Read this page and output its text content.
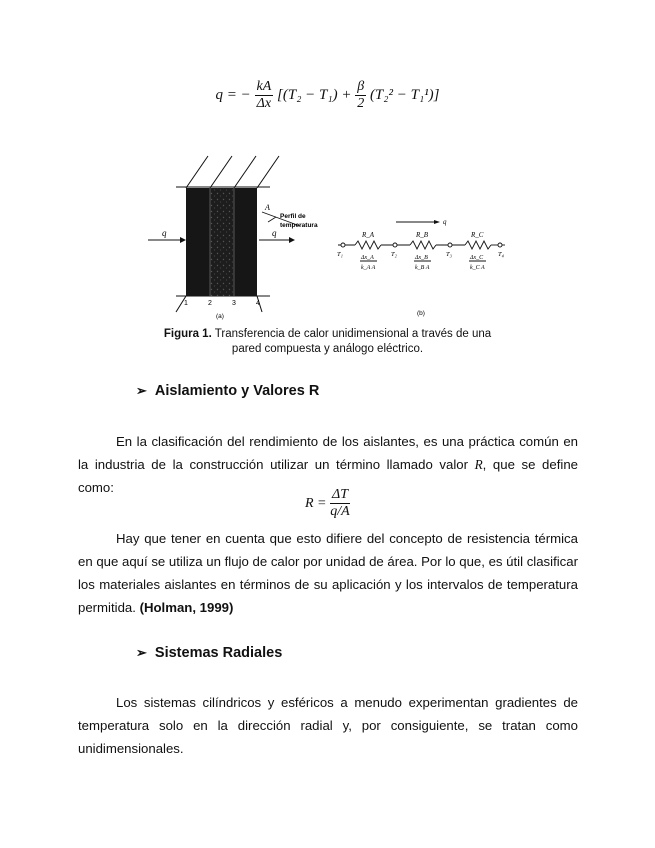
q = − $\frac{kA}{\Delta x} [(T_2 - T_1) + \frac{\beta}{2} (T_2^2 - T_1^1)]$
q	q
A
Perfil de
temperatura
1	2	3	4
(a)
q
R_A	R_B	R_C
T₁	T₂	T₃	T₄
Δx_A
k_A A
Δx_B
k_B A
Δx_C
k_C A
(b)
Figura 1. Transferencia de calor unidimensional a través de una
pared compuesta y análogo eléctrico.
➢ Aislamiento y Valores R
En la clasificación del rendimiento de los aislantes, es una práctica común en la industria de la construcción utilizar un término llamado valor R, que se define como:
$R = \frac{\Delta T}{q/A}$
Hay que tener en cuenta que esto difiere del concepto de resistencia térmica en que aquí se utiliza un flujo de calor por unidad de área. Por lo que, es útil clasificar los materiales aislantes en términos de su aplicación y los intervalos de temperatura permitida. (Holman, 1999)
➢ Sistemas Radiales
Los sistemas cilíndricos y esféricos a menudo experimentan gradientes de temperatura solo en la dirección radial y, por consiguiente, se tratan como unidimensionales.
